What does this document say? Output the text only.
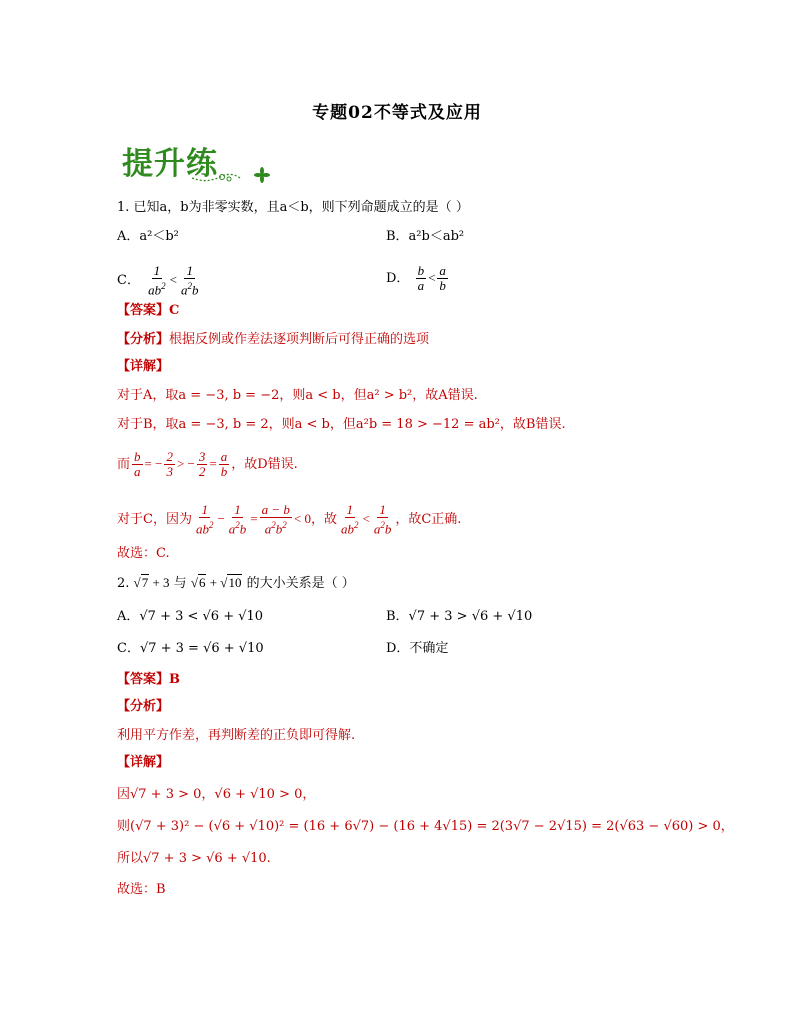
专题02不等式及应用
提升练
1. 已知a，b为非零实数，且a＜b，则下列命题成立的是（ ）
A．a²＜b²	B．a²b＜ab²
C． $\frac{1}{ab^2} < \frac{1}{a^2b}$	D． $\frac{b}{a} < \frac{a}{b}$
【答案】C
【分析】根据反例或作差法逐项判断后可得正确的选项
【详解】
对于A，取a = −3, b = −2，则a < b，但a² > b²，故A错误.
对于B，取a = −3, b = 2，则a < b，但a²b = 18 > −12 = ab²，故B错误.
而 $\frac{b}{a}$ = − $\frac{2}{3}$ > − $\frac{3}{2} = \frac{a}{b}$ ，故D错误.
对于C，因为 $\frac{1}{ab^2} - \frac{1}{a^2b} = \frac{a - b}{a^2b^2} < 0$，故 $\frac{1}{ab^2} < \frac{1}{a^2b}$ ，故C正确.
故选：C.
2. √7 + 3 与 √6 + √10 的大小关系是（ ）
A．√7 + 3 < √6 + √10	B．√7 + 3 > √6 + √10
C．√7 + 3 = √6 + √10	D．不确定
【答案】B
【分析】
利用平方作差，再判断差的正负即可得解.
【详解】
因√7 + 3 > 0，√6 + √10 > 0，
则(√7 + 3)² − (√6 + √10)² = (16 + 6√7) − (16 + 4√15) = 2(3√7 − 2√15) = 2(√63 − √60) > 0，
所以√7 + 3 > √6 + √10.
故选：B
